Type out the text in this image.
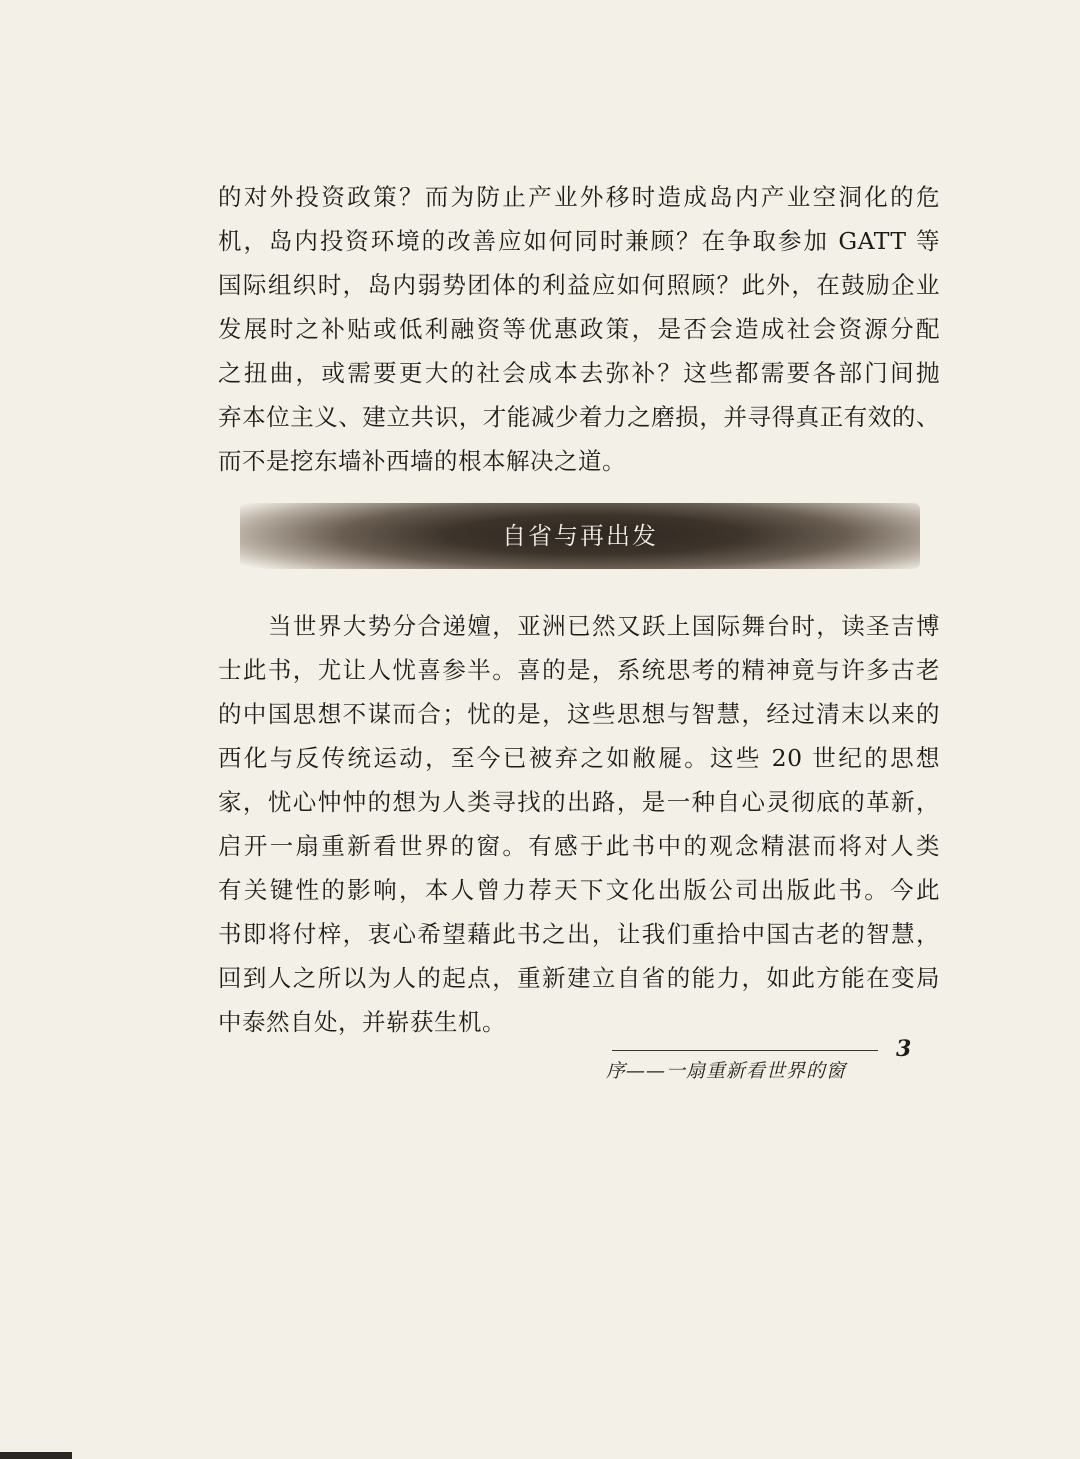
的对外投资政策？而为防止产业外移时造成岛内产业空洞化的危
机，岛内投资环境的改善应如何同时兼顾？在争取参加 GATT 等
国际组织时，岛内弱势团体的利益应如何照顾？此外，在鼓励企业
发展时之补贴或低利融资等优惠政策，是否会造成社会资源分配
之扭曲，或需要更大的社会成本去弥补？这些都需要各部门间抛
弃本位主义、建立共识，才能减少着力之磨损，并寻得真正有效的、
而不是挖东墙补西墙的根本解决之道。
自省与再出发
当世界大势分合递嬗，亚洲已然又跃上国际舞台时，读圣吉博
士此书，尤让人忧喜参半。喜的是，系统思考的精神竟与许多古老
的中国思想不谋而合；忧的是，这些思想与智慧，经过清末以来的
西化与反传统运动，至今已被弃之如敝屣。这些 20 世纪的思想
家，忧心忡忡的想为人类寻找的出路，是一种自心灵彻底的革新，
启开一扇重新看世界的窗。有感于此书中的观念精湛而将对人类
有关键性的影响，本人曾力荐天下文化出版公司出版此书。今此
书即将付梓，衷心希望藉此书之出，让我们重拾中国古老的智慧，
回到人之所以为人的起点，重新建立自省的能力，如此方能在变局
中泰然自处，并崭获生机。
序——一扇重新看世界的窗
3
